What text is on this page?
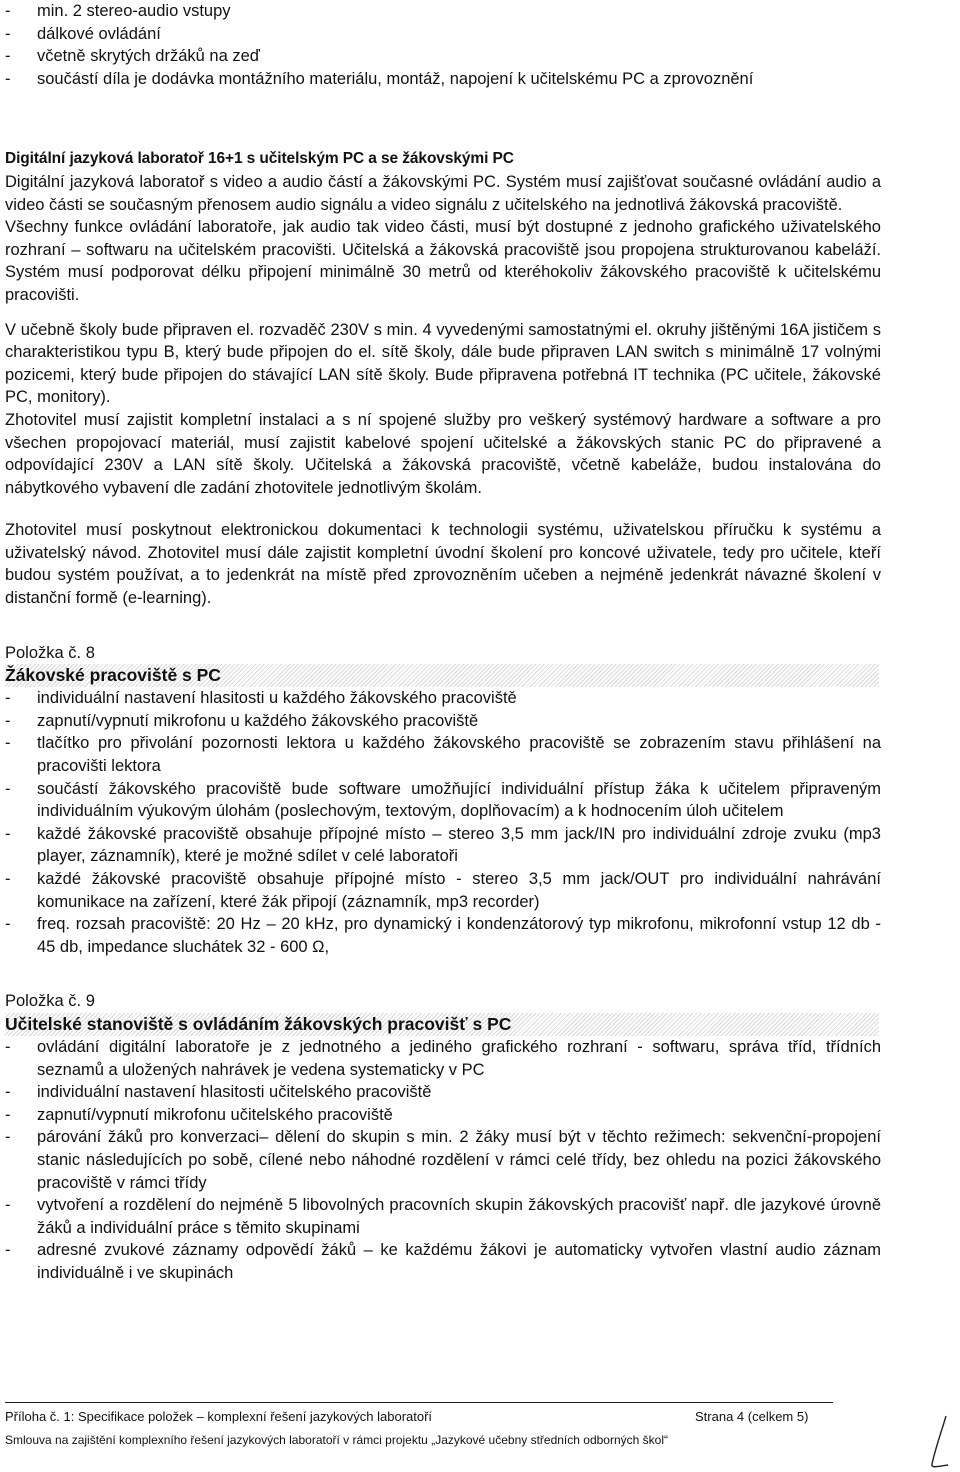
- min. 2 stereo-audio vstupy
- dálkové ovládání
- včetně skrytých držáků na zeď
- součástí díla je dodávka montážního materiálu, montáž, napojení k učitelskému PC a zprovoznění
Digitální jazyková laboratoř 16+1 s učitelským PC a se žákovskými PC

Digitální jazyková laboratoř s video a audio částí a žákovskými PC. Systém musí zajišťovat současné ovládání audio a video části se současným přenosem audio signálu a video signálu z učitelského na jednotlivá žákovská pracoviště.

Všechny funkce ovládání laboratoře, jak audio tak video části, musí být dostupné z jednoho grafického uživatelského rozhraní – softwaru na učitelském pracovišti. Učitelská a žákovská pracoviště jsou propojena strukturovanou kabeláží. Systém musí podporovat délku připojení minimálně 30 metrů od kteréhokoliv žákovského pracoviště k učitelskému pracovišti.

V učebně školy bude připraven el. rozvaděč 230V s min. 4 vyvedenými samostatnými el. okruhy jištěnými 16A jističem s charakteristikou typu B, který bude připojen do el. sítě školy, dále bude připraven LAN switch s minimálně 17 volnými pozicemi, který bude připojen do stávající LAN sítě školy. Bude připravena potřebná IT technika (PC učitele, žákovské PC, monitory).

Zhotovitel musí zajistit kompletní instalaci a s ní spojené služby pro veškerý systémový hardware a software a pro všechen propojovací materiál, musí zajistit kabelové spojení učitelské a žákovských stanic PC do připravené a odpovídající 230V a LAN sítě školy. Učitelská a žákovská pracoviště, včetně kabeláže, budou instalována do nábytkového vybavení dle zadání zhotovitele jednotlivým školám.

Zhotovitel musí poskytnout elektronickou dokumentaci k technologii systému, uživatelskou příručku k systému a uživatelský návod. Zhotovitel musí dále zajistit kompletní úvodní školení pro koncové uživatele, tedy pro učitele, kteří budou systém používat, a to jedenkrát na místě před zprovozněním učeben a nejméně jedenkrát návazné školení v distanční formě (e-learning).

Položka č. 8
Žákovské pracoviště s PC
- individuální nastavení hlasitosti u každého žákovského pracoviště
- zapnutí/vypnutí mikrofonu u každého žákovského pracoviště
- tlačítko pro přivolání pozornosti lektora u každého žákovského pracoviště se zobrazením stavu přihlášení na pracovišti lektora
- součástí žákovského pracoviště bude software umožňující individuální přístup žáka k učitelem připraveným individuálním výukovým úlohám (poslechovým, textovým, doplňovacím) a k hodnocením úloh učitelem
- každé žákovské pracoviště obsahuje přípojné místo – stereo 3,5 mm jack/IN pro individuální zdroje zvuku (mp3 player, záznamník), které je možné sdílet v celé laboratoři
- každé žákovské pracoviště obsahuje přípojné místo - stereo 3,5 mm jack/OUT pro individuální nahrávání komunikace na zařízení, které žák připojí (záznamník, mp3 recorder)
- freq. rozsah pracoviště: 20 Hz – 20 kHz, pro dynamický i kondenzátorový typ mikrofonu, mikrofonní vstup 12 db - 45 db, impedance sluchátek 32 - 600 Ω,
Položka č. 9
Učitelské stanoviště s ovládáním žákovských pracovišť s PC
- ovládání digitální laboratoře je z jednotného a jediného grafického rozhraní - softwaru, správa tříd, třídních seznamů a uložených nahrávek je vedena systematicky v PC
- individuální nastavení hlasitosti učitelského pracoviště
- zapnutí/vypnutí mikrofonu učitelského pracoviště
- párování žáků pro konverzaci– dělení do skupin s min. 2 žáky musí být v těchto režimech: sekvenční-propojení stanic následujících po sobě, cílené nebo náhodné rozdělení v rámci celé třídy, bez ohledu na pozici žákovského pracoviště v rámci třídy
- vytvoření a rozdělení do nejméně 5 libovolných pracovních skupin žákovských pracovišť např. dle jazykové úrovně žáků a individuální práce s těmito skupinami
- adresné zvukové záznamy odpovědí žáků – ke každému žákovi je automaticky vytvořen vlastní audio záznam individuálně i ve skupinách
Příloha č. 1: Specifikace položek – komplexní řešení jazykových laboratoří	Strana 4 (celkem 5)
Smlouva na zajištění komplexního řešení jazykových laboratoří v rámci projektu „Jazykové učebny středních odborných škol“
